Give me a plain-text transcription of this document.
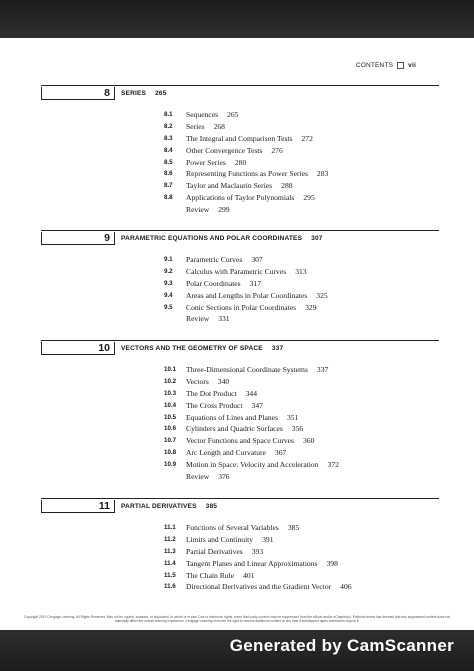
CONTENTS vii
8	SERIES 265
8.1	Sequences 265
8.2	Series 268
8.3	The Integral and Comparison Tests 272
8.4	Other Convergence Tests 276
8.5	Power Series 280
8.6	Representing Functions as Power Series 283
8.7	Taylor and Maclaurin Series 288
8.8	Applications of Taylor Polynomials 295
Review 299
9	PARAMETRIC EQUATIONS AND POLAR COORDINATES 307
9.1	Parametric Curves 307
9.2	Calculus with Parametric Curves 313
9.3	Polar Coordinates 317
9.4	Areas and Lengths in Polar Coordinates 325
9.5	Conic Sections in Polar Coordinates 329
Review 331
10	VECTORS AND THE GEOMETRY OF SPACE 337
10.1	Three-Dimensional Coordinate Systems 337
10.2	Vectors 340
10.3	The Dot Product 344
10.4	The Cross Product 347
10.5	Equations of Lines and Planes 351
10.6	Cylinders and Quadric Surfaces 356
10.7	Vector Functions and Space Curves 360
10.8	Arc Length and Curvature 367
10.9	Motion in Space: Velocity and Acceleration 372
Review 376
11	PARTIAL DERIVATIVES 385
11.1	Functions of Several Variables 385
11.2	Limits and Continuity 391
11.3	Partial Derivatives 393
11.4	Tangent Planes and Linear Approximations 398
11.5	The Chain Rule 401
11.6	Directional Derivatives and the Gradient Vector 406
Copyright 2013 Cengage Learning. All Rights Reserved. May not be copied, scanned, or duplicated, in whole or in part. Due to electronic rights, some third party content may be suppressed from the eBook and/or eChapter(s). Editorial review has deemed that any suppressed content does not materially affect the overall learning experience. Cengage Learning reserves the right to remove additional content at any time if subsequent rights restrictions require it.
Generated by CamScanner
